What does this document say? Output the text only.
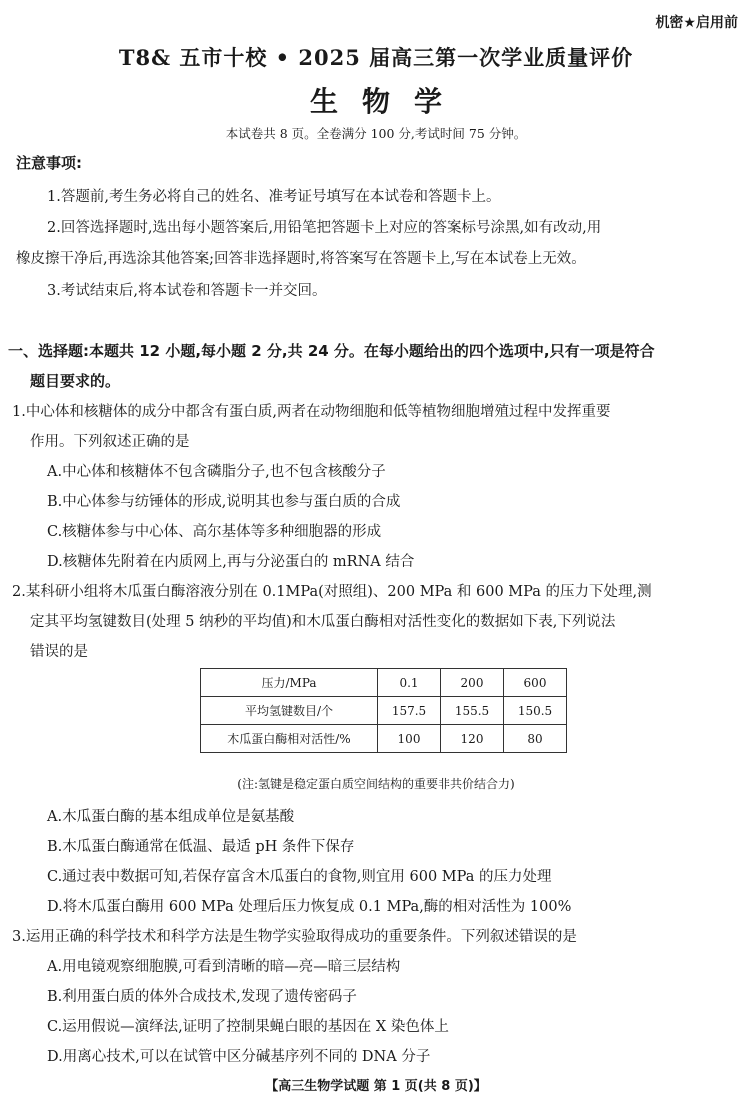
机密★启用前
T8& 五市十校 • 2025 届高三第一次学业质量评价
生物学
本试卷共 8 页。全卷满分 100 分,考试时间 75 分钟。
注意事项:
1.答题前,考生务必将自己的姓名、准考证号填写在本试卷和答题卡上。
2.回答选择题时,选出每小题答案后,用铅笔把答题卡上对应的答案标号涂黑,如有改动,用
橡皮擦干净后,再选涂其他答案;回答非选择题时,将答案写在答题卡上,写在本试卷上无效。
3.考试结束后,将本试卷和答题卡一并交回。
一、选择题:本题共 12 小题,每小题 2 分,共 24 分。在每小题给出的四个选项中,只有一项是符合
题目要求的。
1.中心体和核糖体的成分中都含有蛋白质,两者在动物细胞和低等植物细胞增殖过程中发挥重要
作用。下列叙述正确的是
A.中心体和核糖体不包含磷脂分子,也不包含核酸分子
B.中心体参与纺锤体的形成,说明其也参与蛋白质的合成
C.核糖体参与中心体、高尔基体等多种细胞器的形成
D.核糖体先附着在内质网上,再与分泌蛋白的 mRNA 结合
2.某科研小组将木瓜蛋白酶溶液分别在 0.1MPa(对照组)、200 MPa 和 600 MPa 的压力下处理,测
定其平均氢键数目(处理 5 纳秒的平均值)和木瓜蛋白酶相对活性变化的数据如下表,下列说法
错误的是
压力/MPa	0.1	200	600
平均氢键数目/个	157.5	155.5	150.5
木瓜蛋白酶相对活性/%	100	120	80
(注:氢键是稳定蛋白质空间结构的重要非共价结合力)
A.木瓜蛋白酶的基本组成单位是氨基酸
B.木瓜蛋白酶通常在低温、最适 pH 条件下保存
C.通过表中数据可知,若保存富含木瓜蛋白的食物,则宜用 600 MPa 的压力处理
D.将木瓜蛋白酶用 600 MPa 处理后压力恢复成 0.1 MPa,酶的相对活性为 100%
3.运用正确的科学技术和科学方法是生物学实验取得成功的重要条件。下列叙述错误的是
A.用电镜观察细胞膜,可看到清晰的暗—亮—暗三层结构
B.利用蛋白质的体外合成技术,发现了遗传密码子
C.运用假说—演绎法,证明了控制果蝇白眼的基因在 X 染色体上
D.用离心技术,可以在试管中区分碱基序列不同的 DNA 分子
【高三生物学试题 第 1 页(共 8 页)】
